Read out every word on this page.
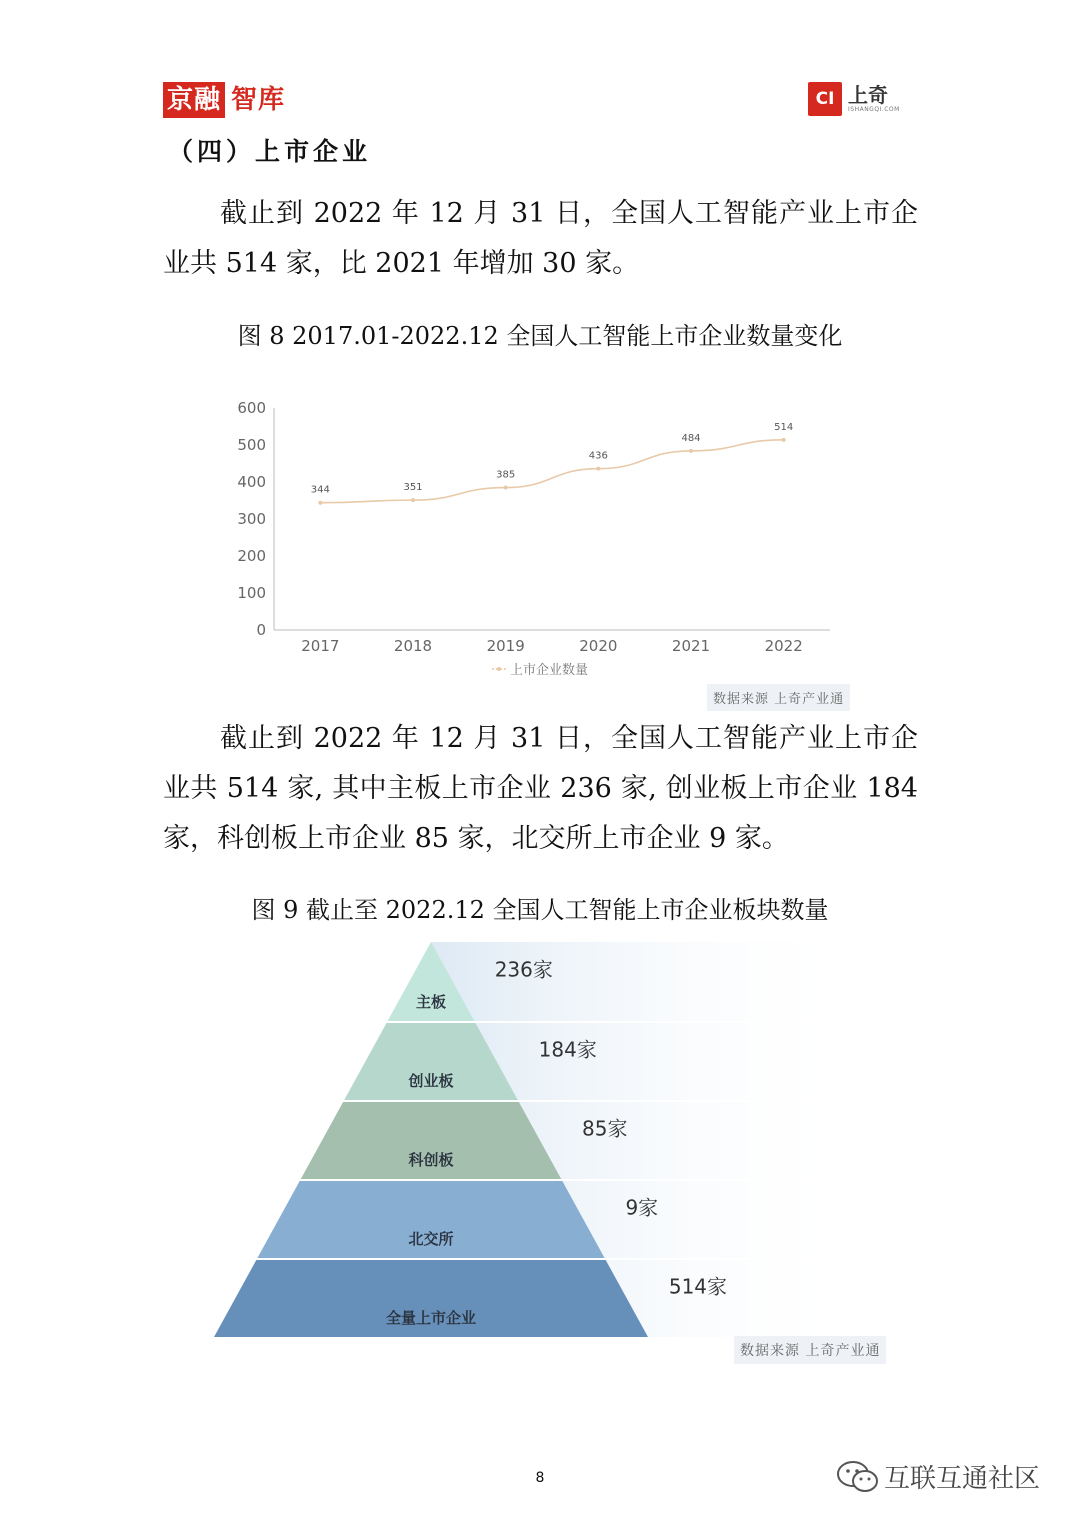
京融 智库	CI 上奇
ISHANGQI.COM
（四）上市企业

截止到 2022 年 12 月 31 日，全国人工智能产业上市企业共 514 家，比 2021 年增加 30 家。

图 8 2017.01-2022.12 全国人工智能上市企业数量变化
0
100
200
300
400
500
600
2017	2018	2019	2020	2021	2022
344	351
385
436
484
514
上市企业数量
数据来源 上奇产业通

截止到 2022 年 12 月 31 日，全国人工智能产业上市企业共 514 家, 其中主板上市企业 236 家, 创业板上市企业 184 家，科创板上市企业 85 家，北交所上市企业 9 家。

图 9 截止至 2022.12 全国人工智能上市企业板块数量
主板
236家
创业板
184家
科创板
85家
北交所
9家
全量上市企业
514家
数据来源 上奇产业通
8	互联互通社区
